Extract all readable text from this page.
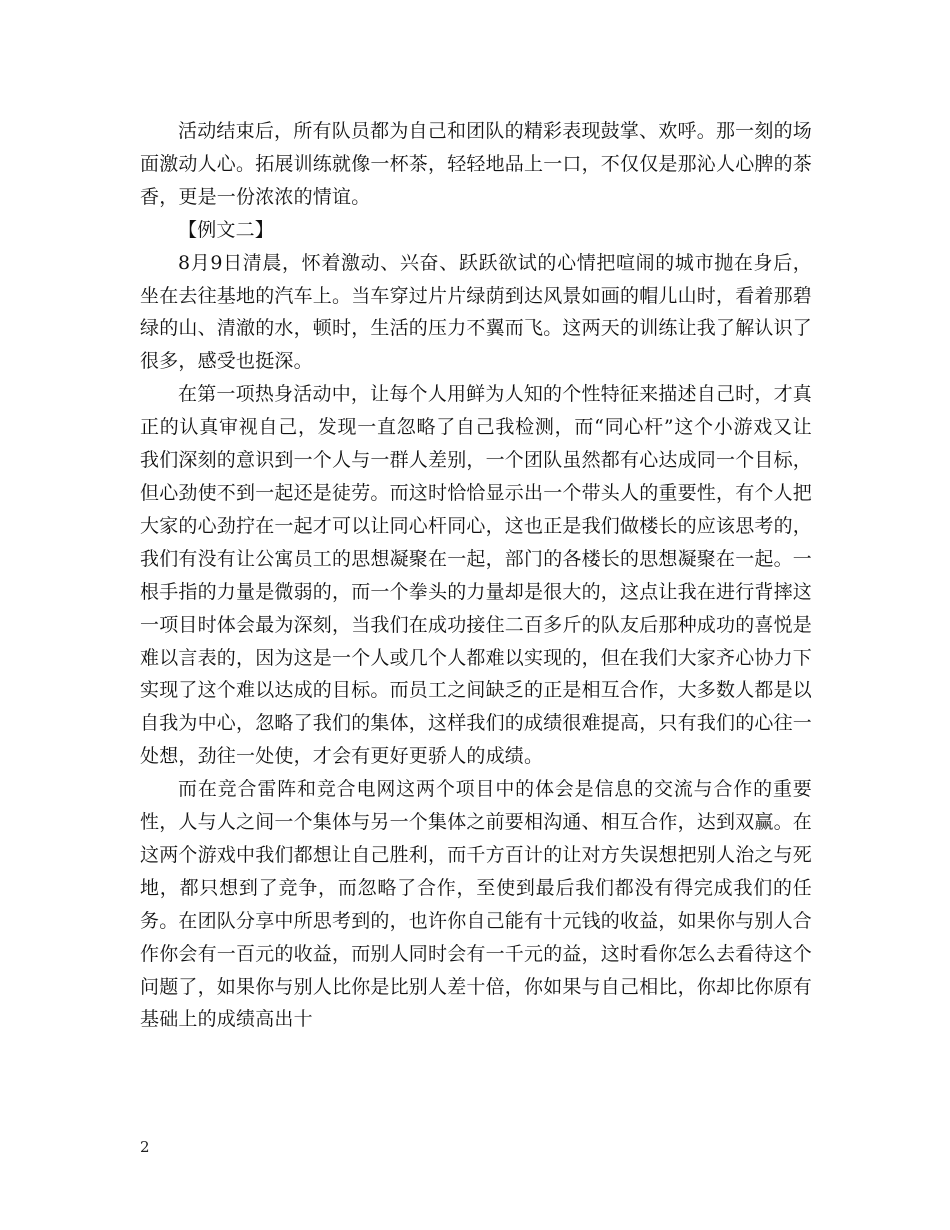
活动结束后，所有队员都为自己和团队的精彩表现鼓掌、欢呼。那一刻的场面激动人心。拓展训练就像一杯茶，轻轻地品上一口，不仅仅是那沁人心脾的茶香，更是一份浓浓的情谊。

【例文二】

8月9日清晨，怀着激动、兴奋、跃跃欲试的心情把喧闹的城市抛在身后，坐在去往基地的汽车上。当车穿过片片绿荫到达风景如画的帽儿山时，看着那碧绿的山、清澈的水，顿时，生活的压力不翼而飞。这两天的训练让我了解认识了很多，感受也挺深。

在第一项热身活动中，让每个人用鲜为人知的个性特征来描述自己时，才真正的认真审视自己，发现一直忽略了自己我检测，而“同心杆”这个小游戏又让我们深刻的意识到一个人与一群人差别，一个团队虽然都有心达成同一个目标，但心劲使不到一起还是徒劳。而这时恰恰显示出一个带头人的重要性，有个人把大家的心劲拧在一起才可以让同心杆同心，这也正是我们做楼长的应该思考的，我们有没有让公寓员工的思想凝聚在一起，部门的各楼长的思想凝聚在一起。一根手指的力量是微弱的，而一个拳头的力量却是很大的，这点让我在进行背摔这一项目时体会最为深刻，当我们在成功接住二百多斤的队友后那种成功的喜悦是难以言表的，因为这是一个人或几个人都难以实现的，但在我们大家齐心协力下实现了这个难以达成的目标。而员工之间缺乏的正是相互合作，大多数人都是以自我为中心，忽略了我们的集体，这样我们的成绩很难提高，只有我们的心往一处想，劲往一处使，才会有更好更骄人的成绩。

而在竞合雷阵和竞合电网这两个项目中的体会是信息的交流与合作的重要性，人与人之间一个集体与另一个集体之前要相沟通、相互合作，达到双赢。在这两个游戏中我们都想让自己胜利，而千方百计的让对方失误想把别人治之与死地，都只想到了竞争，而忽略了合作，至使到最后我们都没有得完成我们的任务。在团队分享中所思考到的，也许你自己能有十元钱的收益，如果你与别人合作你会有一百元的收益，而别人同时会有一千元的益，这时看你怎么去看待这个问题了，如果你与别人比你是比别人差十倍，你如果与自己相比，你却比你原有基础上的成绩高出十

2
